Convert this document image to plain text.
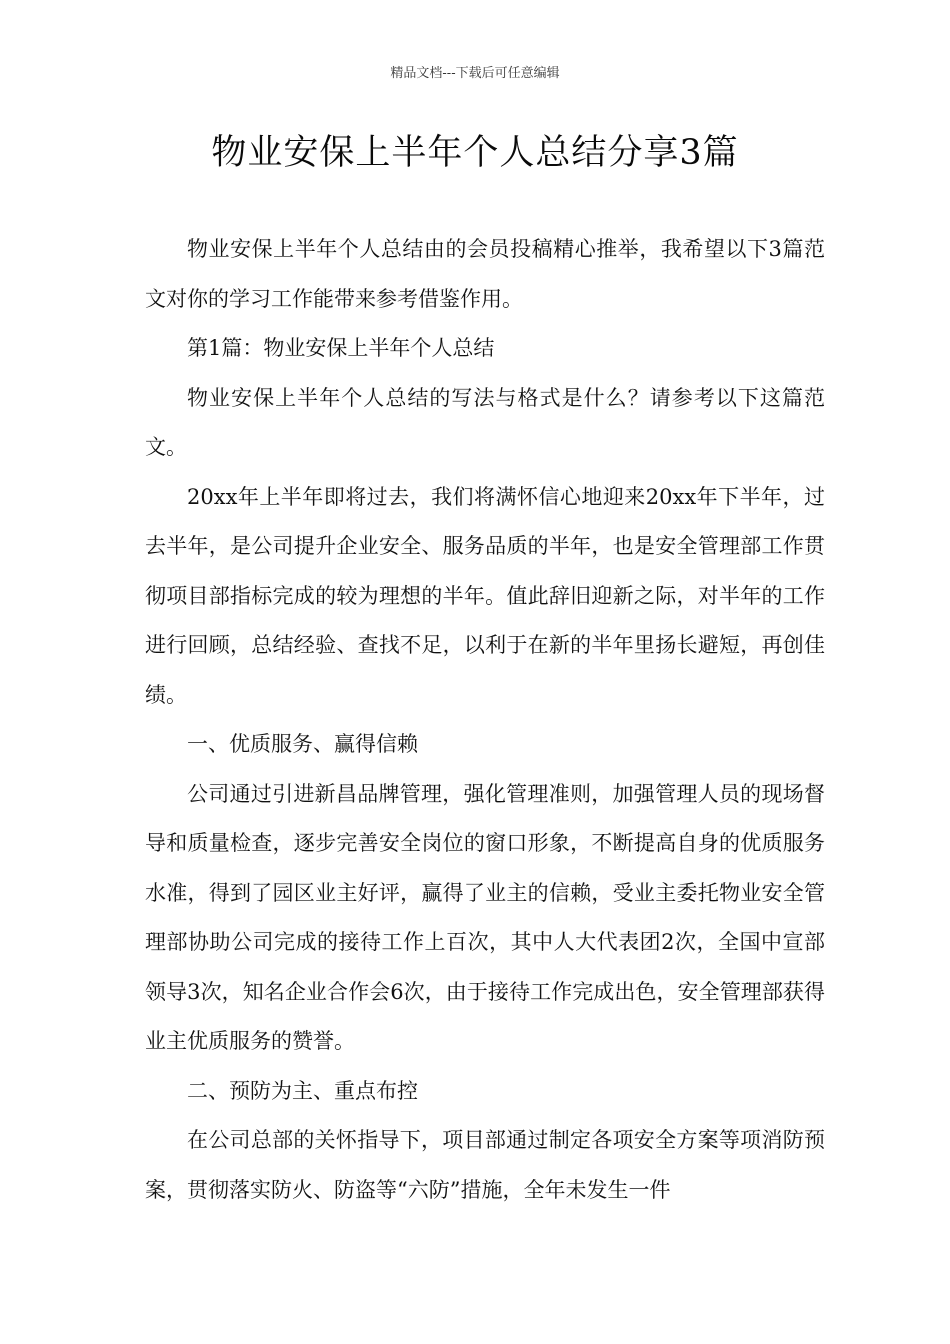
精品文档---下载后可任意编辑
物业安保上半年个人总结分享3篇

物业安保上半年个人总结由的会员投稿精心推举，我希望以下3篇范文对你的学习工作能带来参考借鉴作用。

第1篇：物业安保上半年个人总结

物业安保上半年个人总结的写法与格式是什么？请参考以下这篇范文。

20xx年上半年即将过去，我们将满怀信心地迎来20xx年下半年，过去半年，是公司提升企业安全、服务品质的半年，也是安全管理部工作贯彻项目部指标完成的较为理想的半年。值此辞旧迎新之际，对半年的工作进行回顾，总结经验、查找不足，以利于在新的半年里扬长避短，再创佳绩。

一、优质服务、赢得信赖

公司通过引进新昌品牌管理，强化管理准则，加强管理人员的现场督导和质量检查，逐步完善安全岗位的窗口形象，不断提高自身的优质服务水准，得到了园区业主好评，赢得了业主的信赖，受业主委托物业安全管理部协助公司完成的接待工作上百次，其中人大代表团2次，全国中宣部领导3次，知名企业合作会6次，由于接待工作完成出色，安全管理部获得业主优质服务的赞誉。

二、预防为主、重点布控

在公司总部的关怀指导下，项目部通过制定各项安全方案等项消防预案，贯彻落实防火、防盗等“六防”措施，全年未发生一件
